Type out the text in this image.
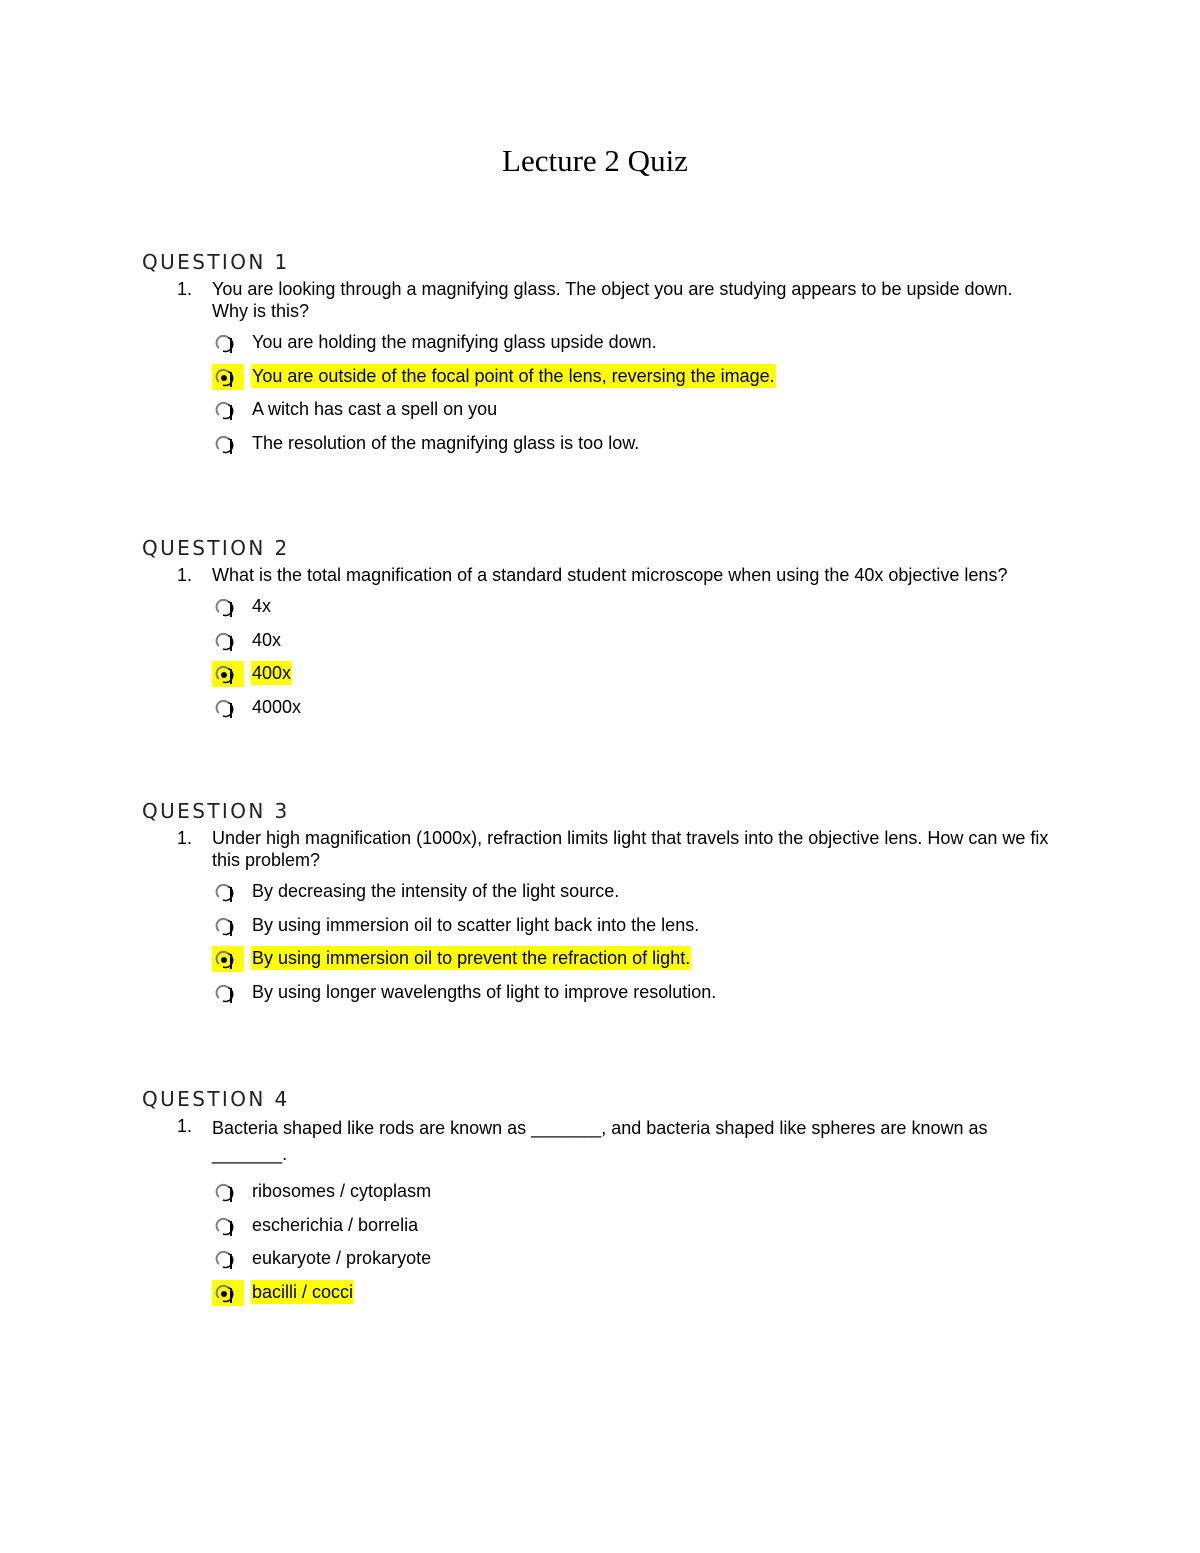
Lecture 2 Quiz
QUESTION 1
1. You are looking through a magnifying glass. The object you are studying appears to be upside down. Why is this?
You are holding the magnifying glass upside down.
You are outside of the focal point of the lens, reversing the image.
A witch has cast a spell on you
The resolution of the magnifying glass is too low.
QUESTION 2
1. What is the total magnification of a standard student microscope when using the 40x objective lens?
4x
40x
400x
4000x
QUESTION 3
1. Under high magnification (1000x), refraction limits light that travels into the objective lens. How can we fix this problem?
By decreasing the intensity of the light source.
By using immersion oil to scatter light back into the lens.
By using immersion oil to prevent the refraction of light.
By using longer wavelengths of light to improve resolution.
QUESTION 4
1. Bacteria shaped like rods are known as _______, and bacteria shaped like spheres are known as _______.
ribosomes / cytoplasm
escherichia / borrelia
eukaryote / prokaryote
bacilli / cocci
